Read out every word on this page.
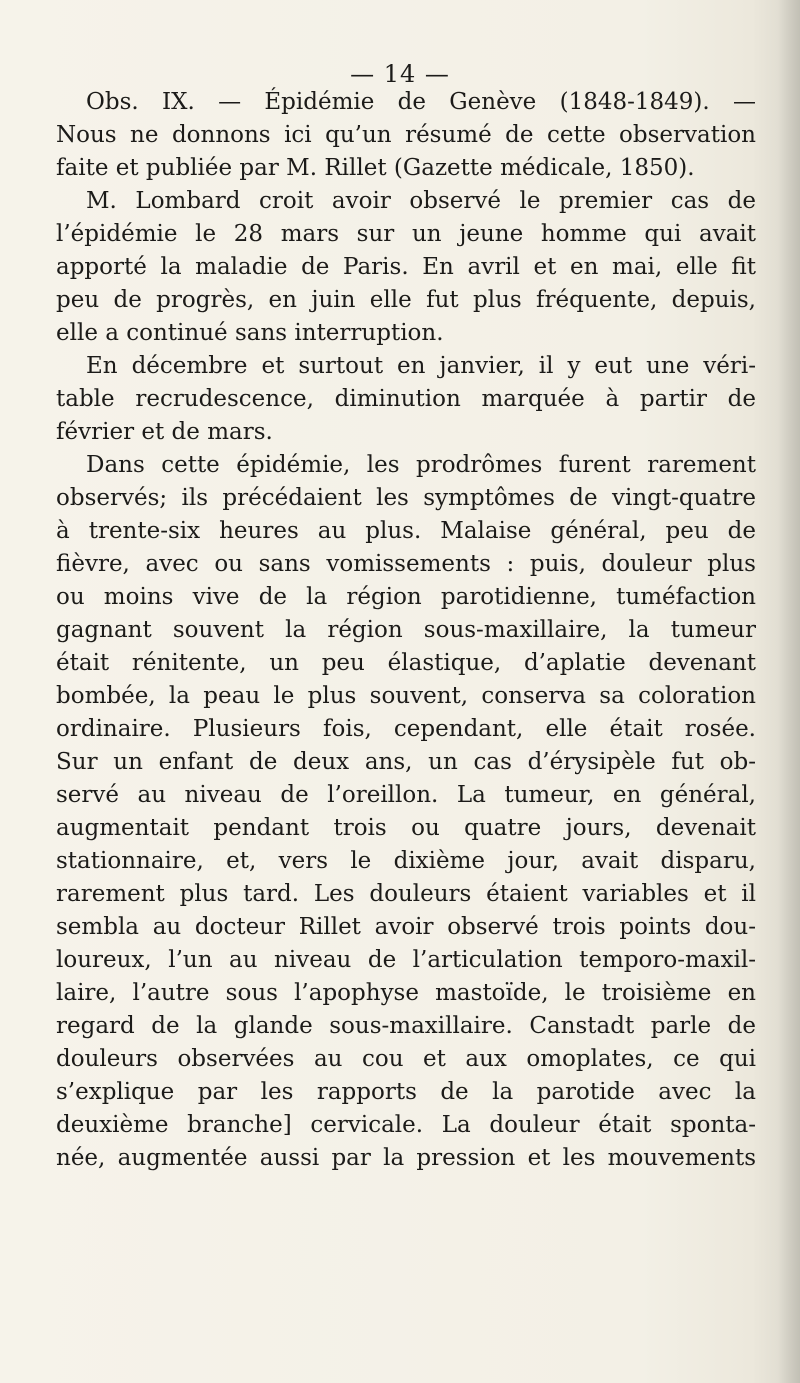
— 14 —
Obs. IX. — Épidémie de Genève (1848-1849). —
Nous ne donnons ici qu’un résumé de cette observation
faite et publiée par M. Rillet (Gazette médicale, 1850).
M. Lombard croit avoir observé le premier cas de
l’épidémie le 28 mars sur un jeune homme qui avait
apporté la maladie de Paris. En avril et en mai, elle fit
peu de progrès, en juin elle fut plus fréquente, depuis,
elle a continué sans interruption.
En décembre et surtout en janvier, il y eut une véri-
table recrudescence, diminution marquée à partir de
février et de mars.
Dans cette épidémie, les prodrômes furent rarement
observés; ils précédaient les symptômes de vingt-quatre
à trente-six heures au plus. Malaise général, peu de
fièvre, avec ou sans vomissements : puis, douleur plus
ou moins vive de la région parotidienne, tuméfaction
gagnant souvent la région sous-maxillaire, la tumeur
était rénitente, un peu élastique, d’aplatie devenant
bombée, la peau le plus souvent, conserva sa coloration
ordinaire. Plusieurs fois, cependant, elle était rosée.
Sur un enfant de deux ans, un cas d’érysipèle fut ob-
servé au niveau de l’oreillon. La tumeur, en général,
augmentait pendant trois ou quatre jours, devenait
stationnaire, et, vers le dixième jour, avait disparu,
rarement plus tard. Les douleurs étaient variables et il
sembla au docteur Rillet avoir observé trois points dou-
loureux, l’un au niveau de l’articulation temporo-maxil-
laire, l’autre sous l’apophyse mastoïde, le troisième en
regard de la glande sous-maxillaire. Canstadt parle de
douleurs observées au cou et aux omoplates, ce qui
s’explique par les rapports de la parotide avec la
deuxième branche] cervicale. La douleur était sponta-
née, augmentée aussi par la pression et les mouvements
